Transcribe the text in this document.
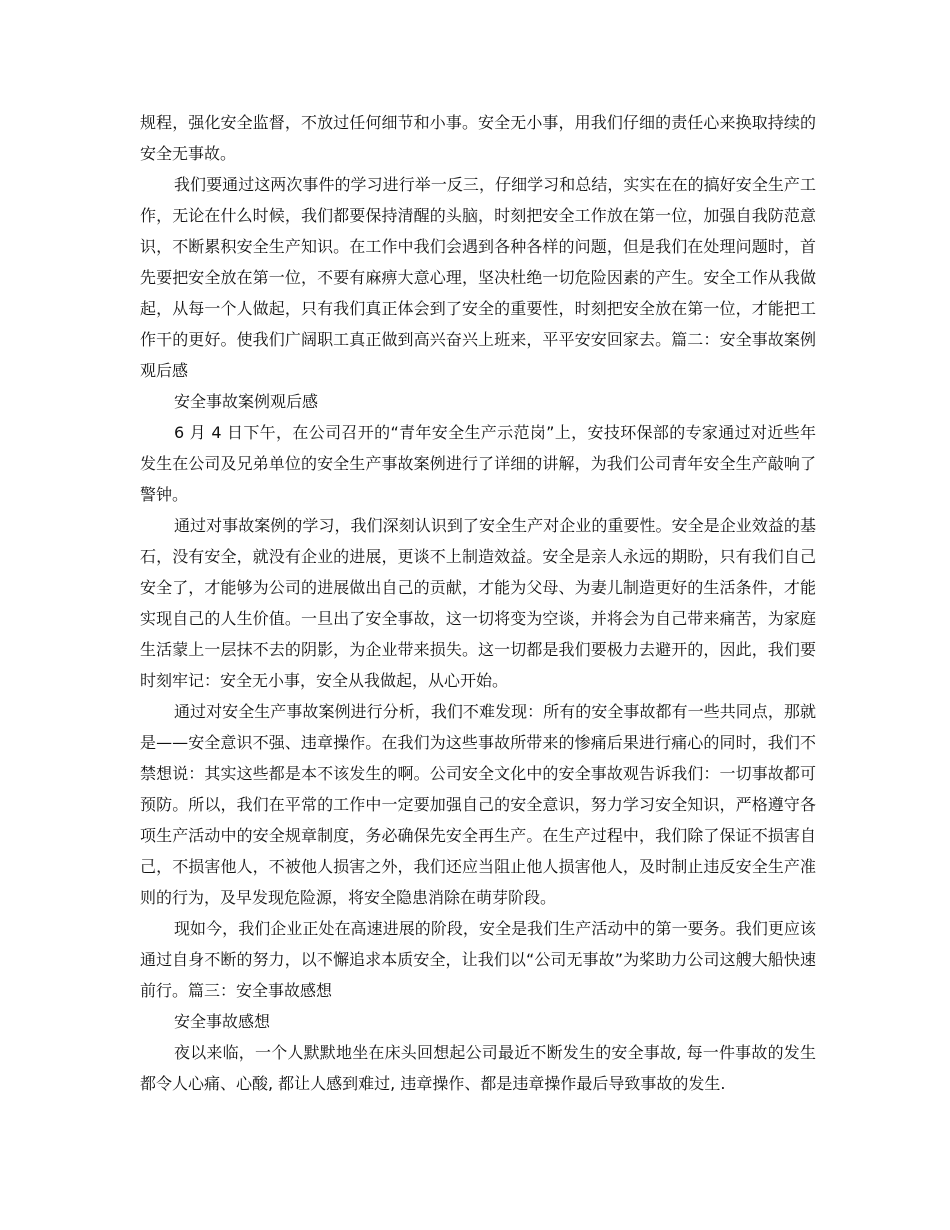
规程，强化安全监督，不放过任何细节和小事。安全无小事，用我们仔细的责任心来换取持续的安全无事故。

我们要通过这两次事件的学习进行举一反三，仔细学习和总结，实实在在的搞好安全生产工作，无论在什么时候，我们都要保持清醒的头脑，时刻把安全工作放在第一位，加强自我防范意识，不断累积安全生产知识。在工作中我们会遇到各种各样的问题，但是我们在处理问题时，首先要把安全放在第一位，不要有麻痹大意心理，坚决杜绝一切危险因素的产生。安全工作从我做起，从每一个人做起，只有我们真正体会到了安全的重要性，时刻把安全放在第一位，才能把工作干的更好。使我们广阔职工真正做到高兴奋兴上班来，平平安安回家去。篇二：安全事故案例观后感

安全事故案例观后感

6 月 4 日下午，在公司召开的“青年安全生产示范岗”上，安技环保部的专家通过对近些年发生在公司及兄弟单位的安全生产事故案例进行了详细的讲解，为我们公司青年安全生产敲响了警钟。

通过对事故案例的学习，我们深刻认识到了安全生产对企业的重要性。安全是企业效益的基石，没有安全，就没有企业的进展，更谈不上制造效益。安全是亲人永远的期盼，只有我们自己安全了，才能够为公司的进展做出自己的贡献，才能为父母、为妻儿制造更好的生活条件，才能实现自己的人生价值。一旦出了安全事故，这一切将变为空谈，并将会为自己带来痛苦，为家庭生活蒙上一层抹不去的阴影，为企业带来损失。这一切都是我们要极力去避开的，因此，我们要时刻牢记：安全无小事，安全从我做起，从心开始。

通过对安全生产事故案例进行分析，我们不难发现：所有的安全事故都有一些共同点，那就是——安全意识不强、违章操作。在我们为这些事故所带来的惨痛后果进行痛心的同时，我们不禁想说：其实这些都是本不该发生的啊。公司安全文化中的安全事故观告诉我们：一切事故都可预防。所以，我们在平常的工作中一定要加强自己的安全意识，努力学习安全知识，严格遵守各项生产活动中的安全规章制度，务必确保先安全再生产。在生产过程中，我们除了保证不损害自己，不损害他人，不被他人损害之外，我们还应当阻止他人损害他人，及时制止违反安全生产准则的行为，及早发现危险源，将安全隐患消除在萌芽阶段。

现如今，我们企业正处在高速进展的阶段，安全是我们生产活动中的第一要务。我们更应该通过自身不断的努力，以不懈追求本质安全，让我们以“公司无事故”为桨助力公司这艘大船快速前行。篇三：安全事故感想

安全事故感想

夜以来临，一个人默默地坐在床头回想起公司最近不断发生的安全事故, 每一件事故的发生都令人心痛、心酸, 都让人感到难过, 违章操作、都是违章操作最后导致事故的发生.
